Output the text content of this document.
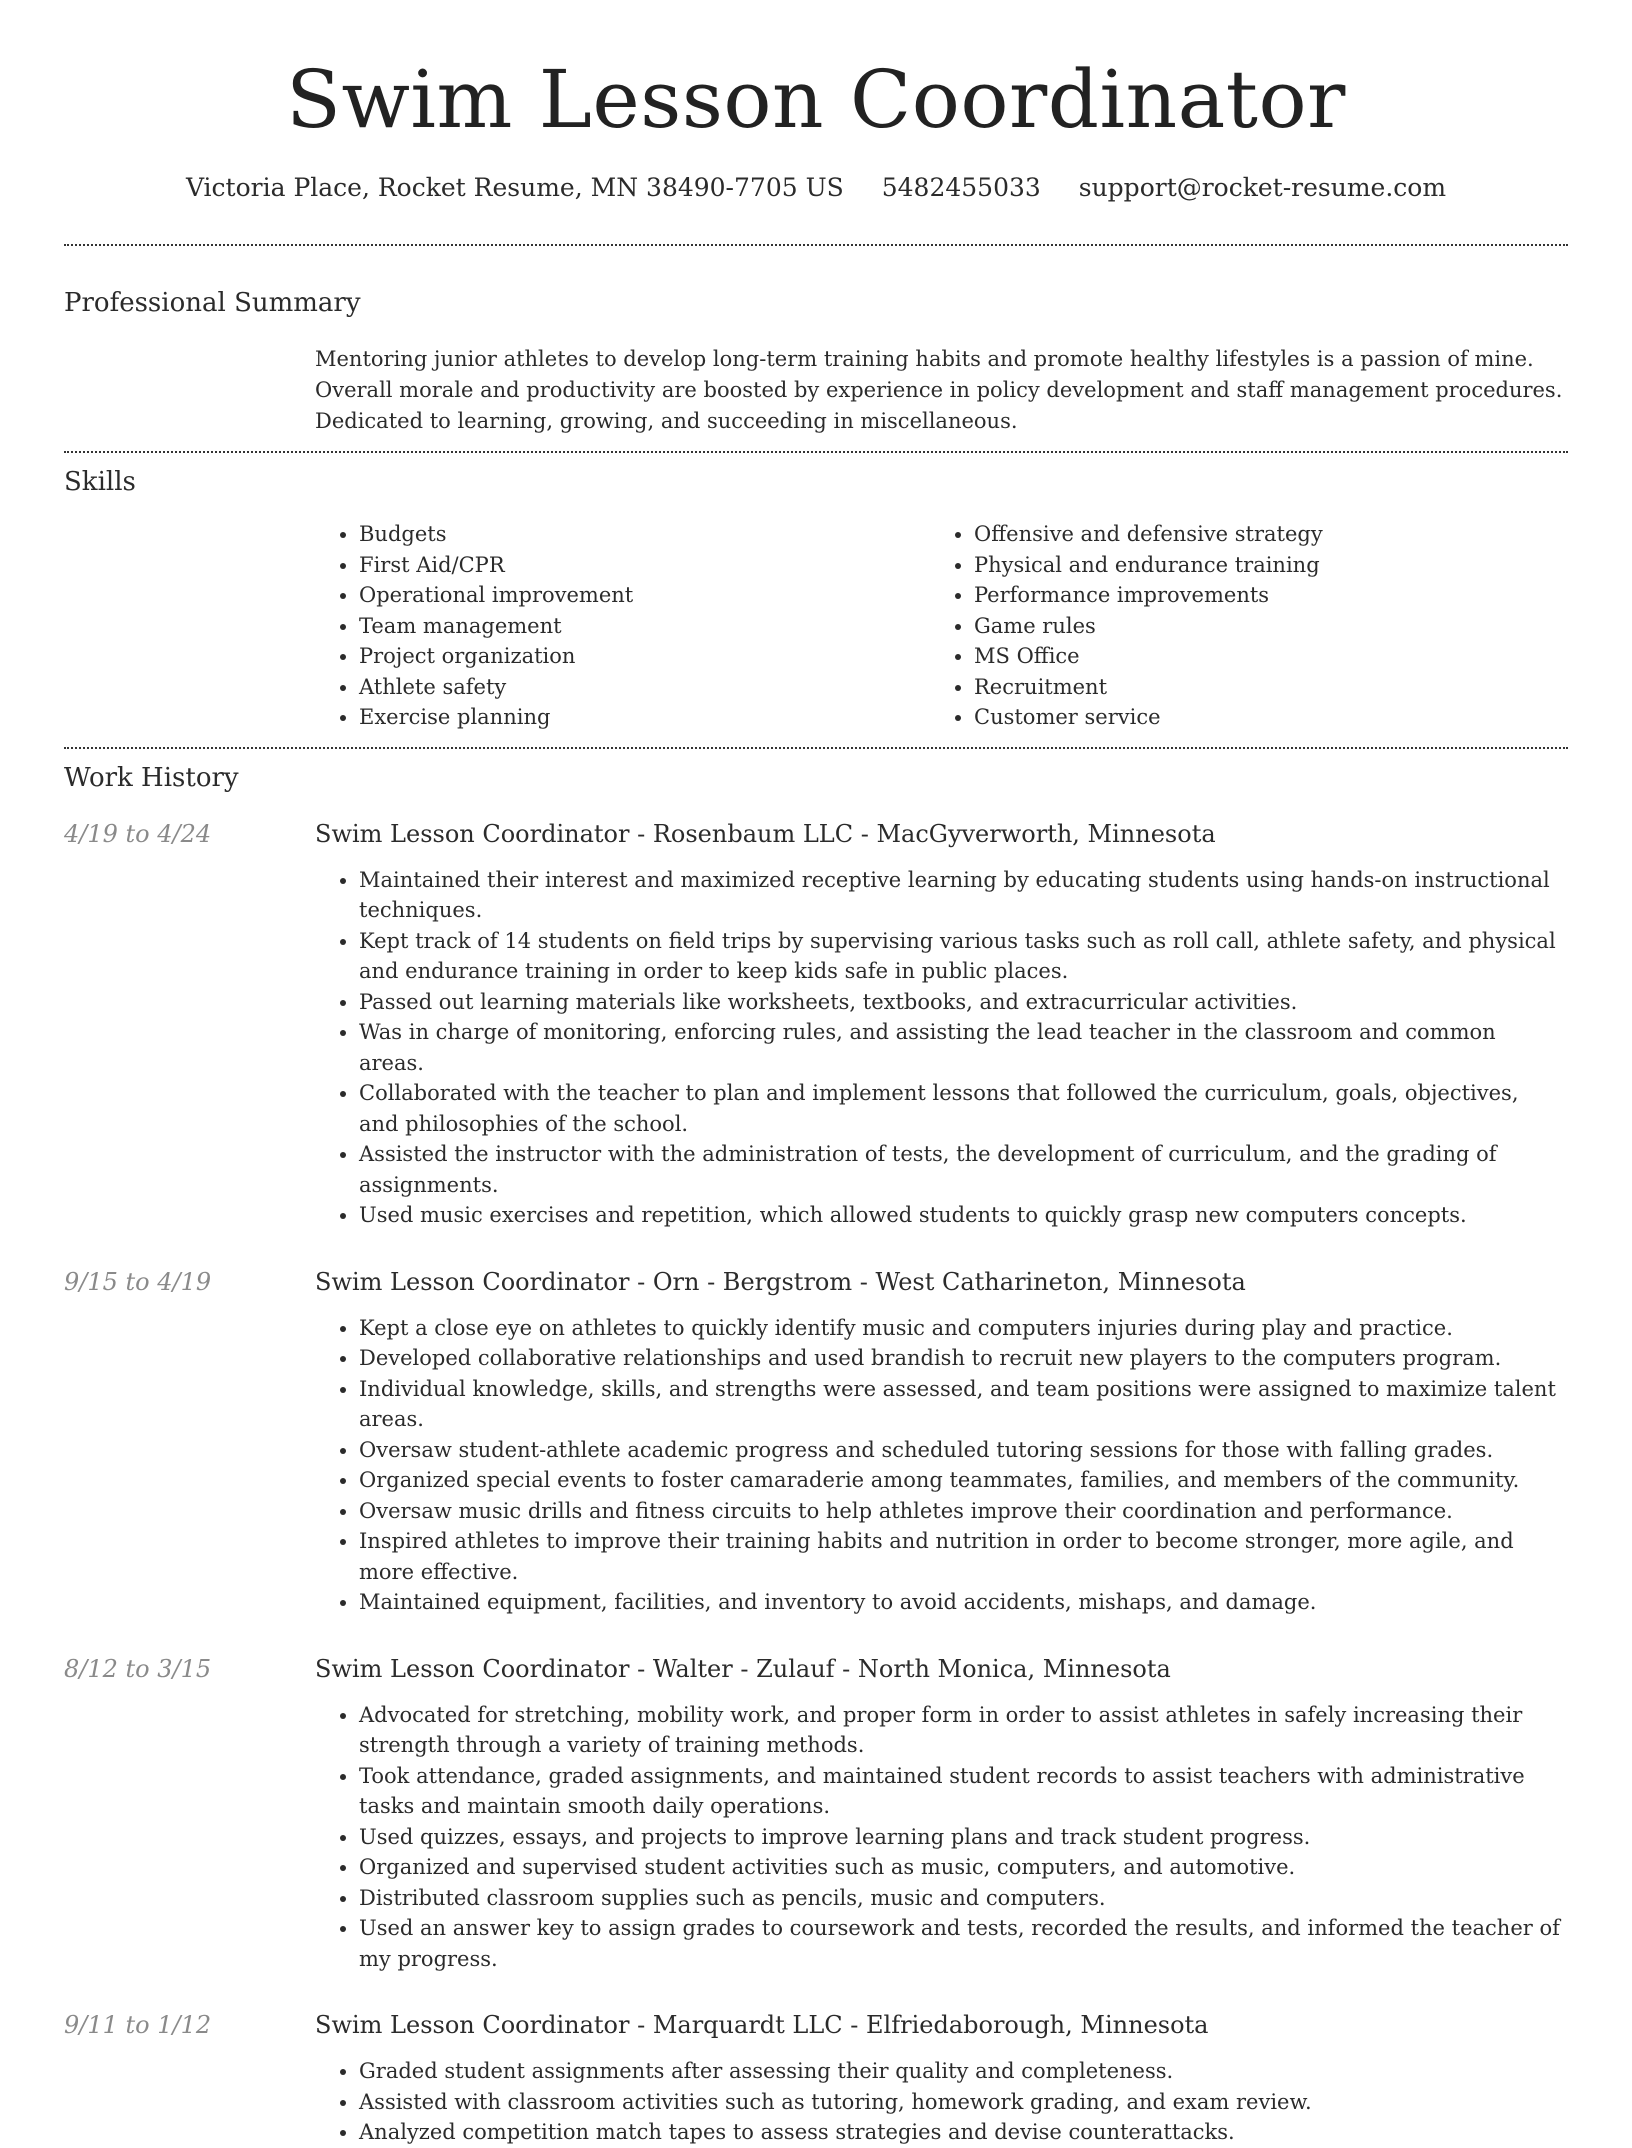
Swim Lesson Coordinator
Victoria Place, Rocket Resume, MN 38490-7705 US 5482455033 support@rocket-resume.com
Professional Summary

Mentoring junior athletes to develop long-term training habits and promote healthy lifestyles is a passion of mine. Overall morale and productivity are boosted by experience in policy development and staff management procedures. Dedicated to learning, growing, and succeeding in miscellaneous.

Skills
• Budgets
• First Aid/CPR
• Operational improvement
• Team management
• Project organization
• Athlete safety
• Exercise planning
• Offensive and defensive strategy
• Physical and endurance training
• Performance improvements
• Game rules
• MS Office
• Recruitment
• Customer service
Work History
4/19 to 4/24	Swim Lesson Coordinator - Rosenbaum LLC - MacGyverworth, Minnesota
• Maintained their interest and maximized receptive learning by educating students using hands-on instructional techniques.
• Kept track of 14 students on field trips by supervising various tasks such as roll call, athlete safety, and physical and endurance training in order to keep kids safe in public places.
• Passed out learning materials like worksheets, textbooks, and extracurricular activities.
• Was in charge of monitoring, enforcing rules, and assisting the lead teacher in the classroom and common areas.
• Collaborated with the teacher to plan and implement lessons that followed the curriculum, goals, objectives, and philosophies of the school.
• Assisted the instructor with the administration of tests, the development of curriculum, and the grading of assignments.
• Used music exercises and repetition, which allowed students to quickly grasp new computers concepts.
9/15 to 4/19	Swim Lesson Coordinator - Orn - Bergstrom - West Catharineton, Minnesota
• Kept a close eye on athletes to quickly identify music and computers injuries during play and practice.
• Developed collaborative relationships and used brandish to recruit new players to the computers program.
• Individual knowledge, skills, and strengths were assessed, and team positions were assigned to maximize talent areas.
• Oversaw student-athlete academic progress and scheduled tutoring sessions for those with falling grades.
• Organized special events to foster camaraderie among teammates, families, and members of the community.
• Oversaw music drills and fitness circuits to help athletes improve their coordination and performance.
• Inspired athletes to improve their training habits and nutrition in order to become stronger, more agile, and more effective.
• Maintained equipment, facilities, and inventory to avoid accidents, mishaps, and damage.
8/12 to 3/15	Swim Lesson Coordinator - Walter - Zulauf - North Monica, Minnesota
• Advocated for stretching, mobility work, and proper form in order to assist athletes in safely increasing their strength through a variety of training methods.
• Took attendance, graded assignments, and maintained student records to assist teachers with administrative tasks and maintain smooth daily operations.
• Used quizzes, essays, and projects to improve learning plans and track student progress.
• Organized and supervised student activities such as music, computers, and automotive.
• Distributed classroom supplies such as pencils, music and computers.
• Used an answer key to assign grades to coursework and tests, recorded the results, and informed the teacher of my progress.
9/11 to 1/12	Swim Lesson Coordinator - Marquardt LLC - Elfriedaborough, Minnesota
• Graded student assignments after assessing their quality and completeness.
• Assisted with classroom activities such as tutoring, homework grading, and exam review.
• Analyzed competition match tapes to assess strategies and devise counterattacks.
